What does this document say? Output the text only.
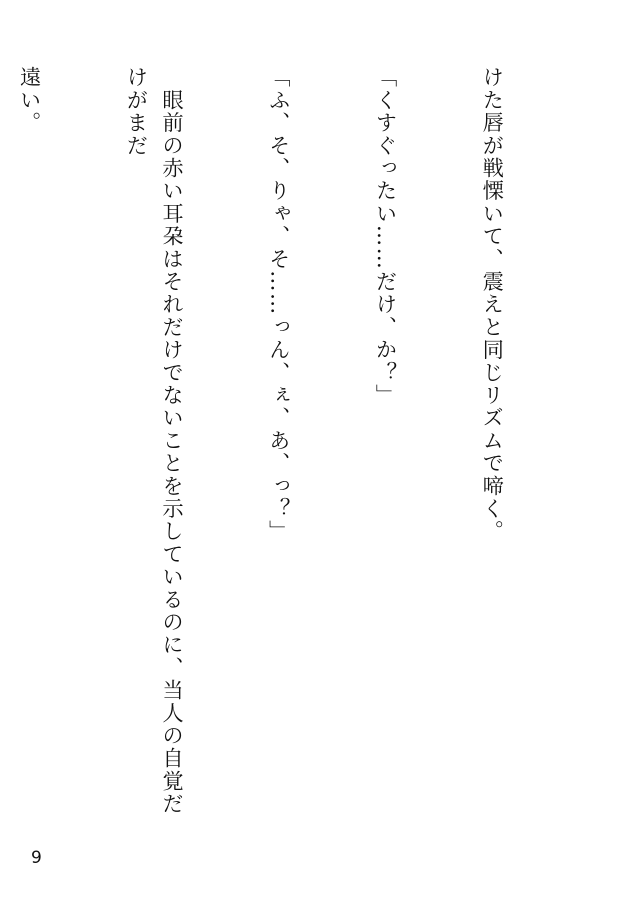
けた唇が戦慄いて、震えと同じリズムで啼く。

「くすぐったい……だけ、か？」

「ふ、そ、りゃ、そ……っん、ぇ、あ、っ？」

　眼前の赤い耳朶はそれだけでないことを示しているのに、当人の自覚だけがまだ

遠い。

9
